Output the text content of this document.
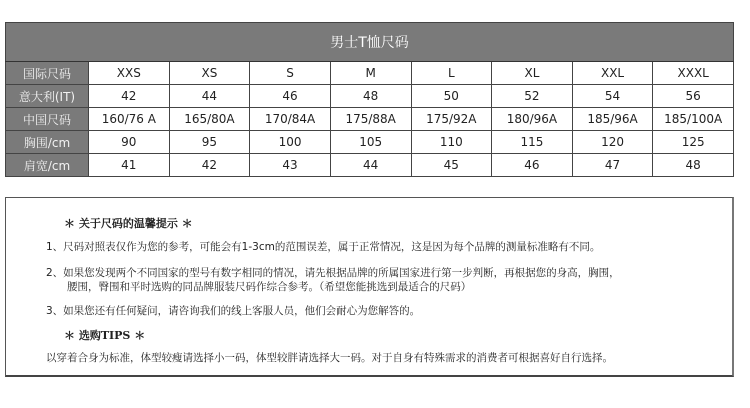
男士T恤尺码								
国际尺码	XXS	XS	S	M	L	XL	XXL	XXXL
意大利(IT)	42	44	46	48	50	52	54	56
中国尺码	160/76 A	165/80A	170/84A	175/88A	175/92A	180/96A	185/96A	185/100A
胸围/cm	90	95	100	105	110	115	120	125
肩宽/cm	41	42	43	44	45	46	47	48
＊ 关于尺码的温馨提示 ＊
1、尺码对照表仅作为您的参考，可能会有1-3cm的范围误差，属于正常情况，这是因为每个品牌的测量标准略有不同。
2、如果您发现两个不同国家的型号有数字相同的情况，请先根据品牌的所属国家进行第一步判断，再根据您的身高，胸围，
腰围，臀围和平时选购的同品牌服装尺码作综合参考。（希望您能挑选到最适合的尺码）
3、如果您还有任何疑问，请咨询我们的线上客服人员，他们会耐心为您解答的。
＊ 选购TIPS ＊
以穿着合身为标准，体型较瘦请选择小一码，体型较胖请选择大一码。对于自身有特殊需求的消费者可根据喜好自行选择。
